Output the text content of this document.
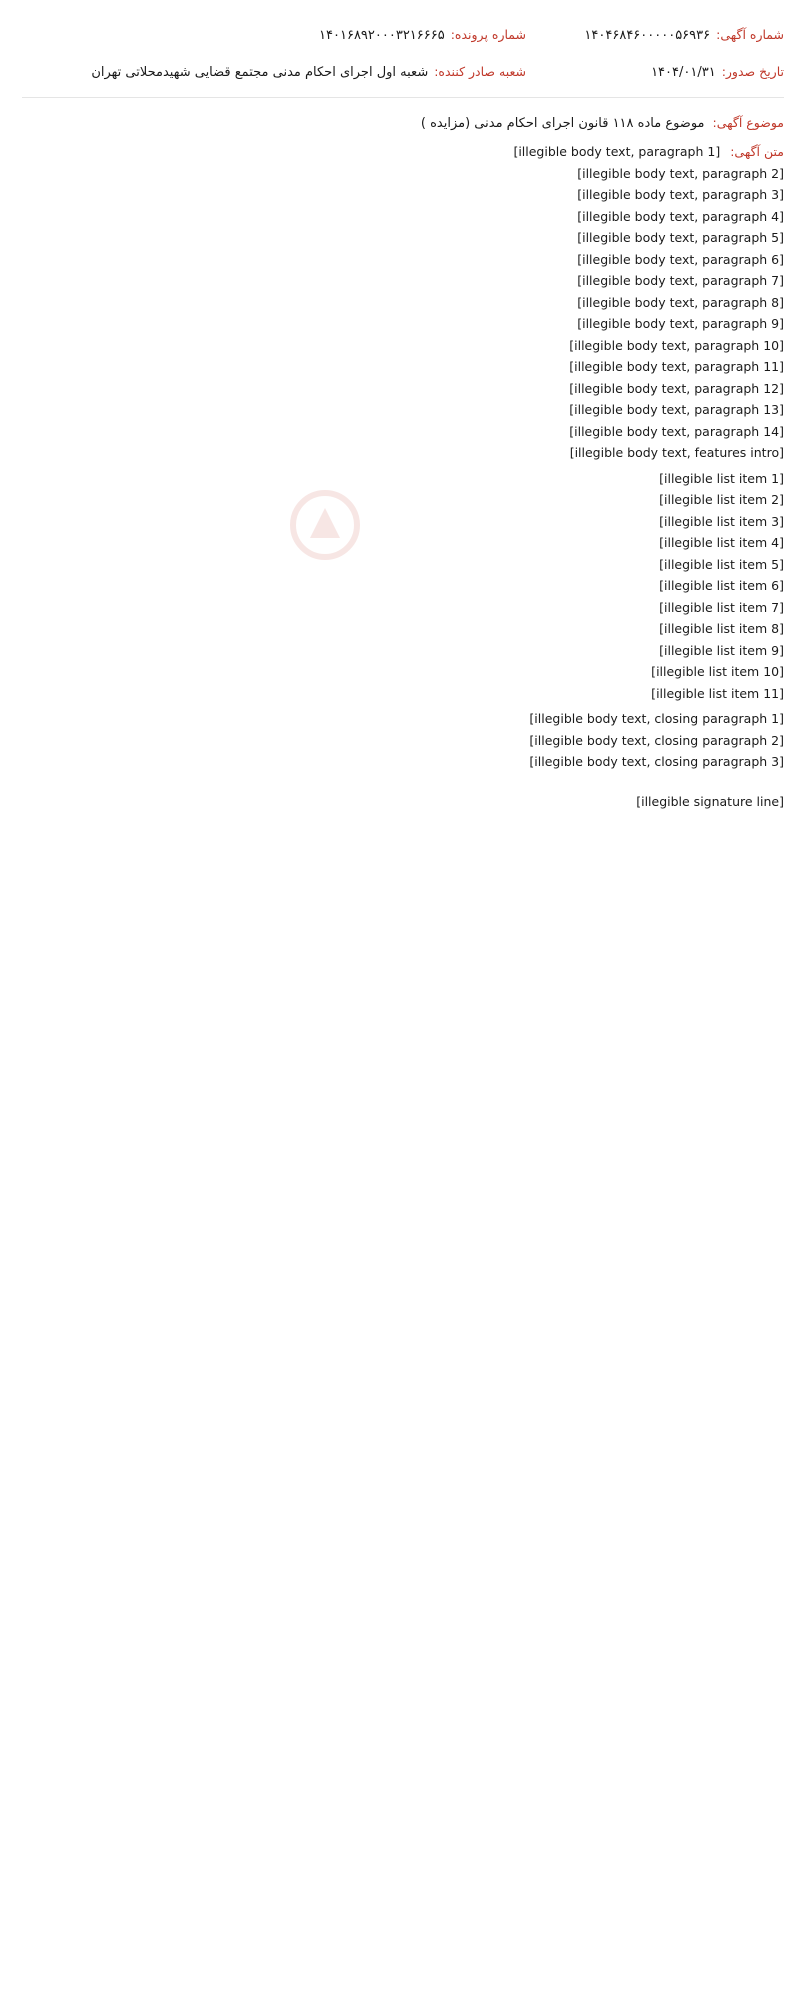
شماره آگهی:
۱۴۰۴۶۸۴۶۰۰۰۰۰۵۶۹۳۶
شماره پرونده:
۱۴۰۱۶۸۹۲۰۰۰۳۲۱۶۶۶۵
تاریخ صدور:
۱۴۰۴/۰۱/۳۱
شعبه صادر کننده:
شعبه اول اجرای احکام مدنی مجتمع قضایی شهیدمحلاتی تهران
موضوع آگهی:
موضوع ماده ۱۱۸ قانون اجرای احکام مدنی (مزایده )

متن آگهی: [illegible body text, paragraph 1]

[illegible body text, paragraph 2]

[illegible body text, paragraph 3]

[illegible body text, paragraph 4]

[illegible body text, paragraph 5]

[illegible body text, paragraph 6]

[illegible body text, paragraph 7]

[illegible body text, paragraph 8]

[illegible body text, paragraph 9]

[illegible body text, paragraph 10]

[illegible body text, paragraph 11]

[illegible body text, paragraph 12]

[illegible body text, paragraph 13]

[illegible body text, paragraph 14]

[illegible body text, features intro]

[illegible list item 1]
[illegible list item 2]
[illegible list item 3]
[illegible list item 4]
[illegible list item 5]
[illegible list item 6]
[illegible list item 7]
[illegible list item 8]
[illegible list item 9]
[illegible list item 10]
[illegible list item 11]

[illegible body text, closing paragraph 1]

[illegible body text, closing paragraph 2]

[illegible body text, closing paragraph 3]

[illegible signature line]
